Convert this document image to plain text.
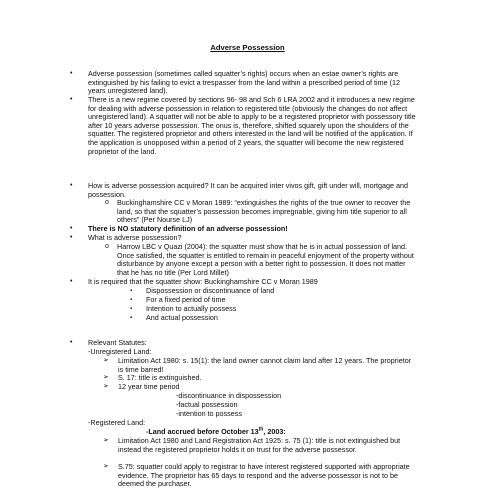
Adverse Possession
• Adverse possession (sometimes called squatter’s rights) occurs when an estae owner’s rights are extinguished by his failing to evict a trespasser from the land within a prescribed period of time (12 years unregistered land).
• There is a new regime covered by sections 96- 98 and Sch 6 LRA 2002 and it introduces a new regime for dealing with adverse possession in relation to registered title (obviously the changes do not affect unregistered land). A squatter will not be able to apply to be a registered proprietor with possessory title after 10 years adverse possession. The onus is, therefore, shifted squarely upon the shoulders of the squatter. The registered proprietor and others interested in the land will be notified of the application. If the application is unopposed within a period of 2 years, the squatter will become the new registered proprietor of the land.
• How is adverse possession acquired? It can be acquired inter vivos gift, gift under will, mortgage and possession.
o Buckinghamshire CC v Moran 1989: “extinguishes the rights of the true owner to recover the land, so that the squatter’s possession becomes impregnable, giving him title superior to all others” (Per Nourse LJ)
• There is NO statutory definition of an adverse possession!
• What is adverse possession?
o Harrow LBC v Quazi (2004): the squatter must show that he is in actual possession of land. Once satisfied, the squatter is entitled to remain in peaceful enjoyment of the property without disturbance by anyone except a person with a better right to possession. It does not matter that he has no title (Per Lord Millet)
• It is required that the squatter show: Buckinghamshire CC v Moran 1989
▪ Dispossession or discontinuance of land
▪ For a fixed period of time
▪ Intention to actually possess
▪ And actual possession
• Relevant Statutes:
-Unregistered Land:
➢ Limitation Act 1980: s. 15(1): the land owner cannot claim land after 12 years. The proprietor is time barred!
➢ S. 17: title is extinguished.
➢ 12 year time period
-discontinuance in dispossession
-factual possession
-intention to possess
-Registered Land:
-Land accrued before October 13th, 2003:
➢ Limitation Act 1980 and Land Registration Act 1925: s. 75 (1): title is not extinguished but instead the registered proprietor holds it on trust for the adverse possessor.
➢ S.75: squatter could apply to registrar to have interest registered supported with appropriate evidence. The proprietor has 65 days to respond and the adverse possessor is not to be deemed the purchaser.
